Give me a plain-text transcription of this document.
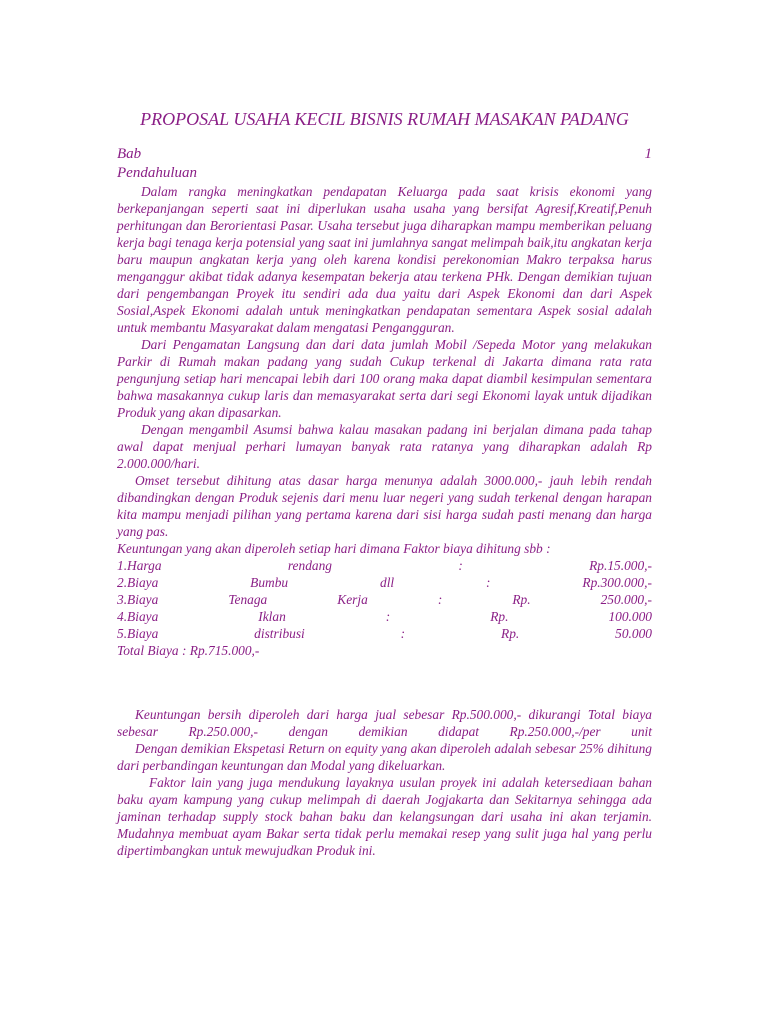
PROPOSAL USAHA KECIL BISNIS RUMAH MASAKAN PADANG
Bab	1
Pendahuluan

Dalam rangka meningkatkan pendapatan Keluarga pada saat krisis ekonomi yang berkepanjangan seperti saat ini diperlukan usaha usaha yang bersifat Agresif,Kreatif,Penuh perhitungan dan Berorientasi Pasar. Usaha tersebut juga diharapkan mampu memberikan peluang kerja bagi tenaga kerja potensial yang saat ini jumlahnya sangat melimpah baik,itu angkatan kerja baru maupun angkatan kerja yang oleh karena kondisi perekonomian Makro terpaksa harus menganggur akibat tidak adanya kesempatan bekerja atau terkena PHk. Dengan demikian tujuan dari pengembangan Proyek itu sendiri ada dua yaitu dari Aspek Ekonomi dan dari Aspek Sosial,Aspek Ekonomi adalah untuk meningkatkan pendapatan sementara Aspek sosial adalah untuk membantu Masyarakat dalam mengatasi Pengangguran.

Dari Pengamatan Langsung dan dari data jumlah Mobil /Sepeda Motor yang melakukan Parkir di Rumah makan padang yang sudah Cukup terkenal di Jakarta dimana rata rata pengunjung setiap hari mencapai lebih dari 100 orang maka dapat diambil kesimpulan sementara bahwa masakannya cukup laris dan memasyarakat serta dari segi Ekonomi layak untuk dijadikan Produk yang akan dipasarkan.

Dengan mengambil Asumsi bahwa kalau masakan padang ini berjalan dimana pada tahap awal dapat menjual perhari lumayan banyak rata ratanya yang diharapkan adalah Rp 2.000.000/hari.

Omset tersebut dihitung atas dasar harga menunya adalah 3000.000,- jauh lebih rendah dibandingkan dengan Produk sejenis dari menu luar negeri yang sudah terkenal dengan harapan kita mampu menjadi pilihan yang pertama karena dari sisi harga sudah pasti menang dan harga yang pas.

Keuntungan yang akan diperoleh setiap hari dimana Faktor biaya dihitung sbb :

1.Harga	rendang	:	Rp.15.000,-
2.Biaya	Bumbu	dll	:	Rp.300.000,-
3.Biaya	Tenaga	Kerja	:	Rp.	250.000,-
4.Biaya	Iklan	:	Rp.	100.000
5.Biaya	distribusi	:	Rp.	50.000

Total Biaya : Rp.715.000,-

Keuntungan bersih diperoleh dari harga jual sebesar Rp.500.000,- dikurangi Total biaya sebesar Rp.250.000,- dengan demikian didapat Rp.250.000,-/per unit

Dengan demikian Ekspetasi Return on equity yang akan diperoleh adalah sebesar 25% dihitung dari perbandingan keuntungan dan Modal yang dikeluarkan.

Faktor lain yang juga mendukung layaknya usulan proyek ini adalah ketersediaan bahan baku ayam kampung yang cukup melimpah di daerah Jogjakarta dan Sekitarnya sehingga ada jaminan terhadap supply stock bahan baku dan kelangsungan dari usaha ini akan terjamin. Mudahnya membuat ayam Bakar serta tidak perlu memakai resep yang sulit juga hal yang perlu dipertimbangkan untuk mewujudkan Produk ini.
